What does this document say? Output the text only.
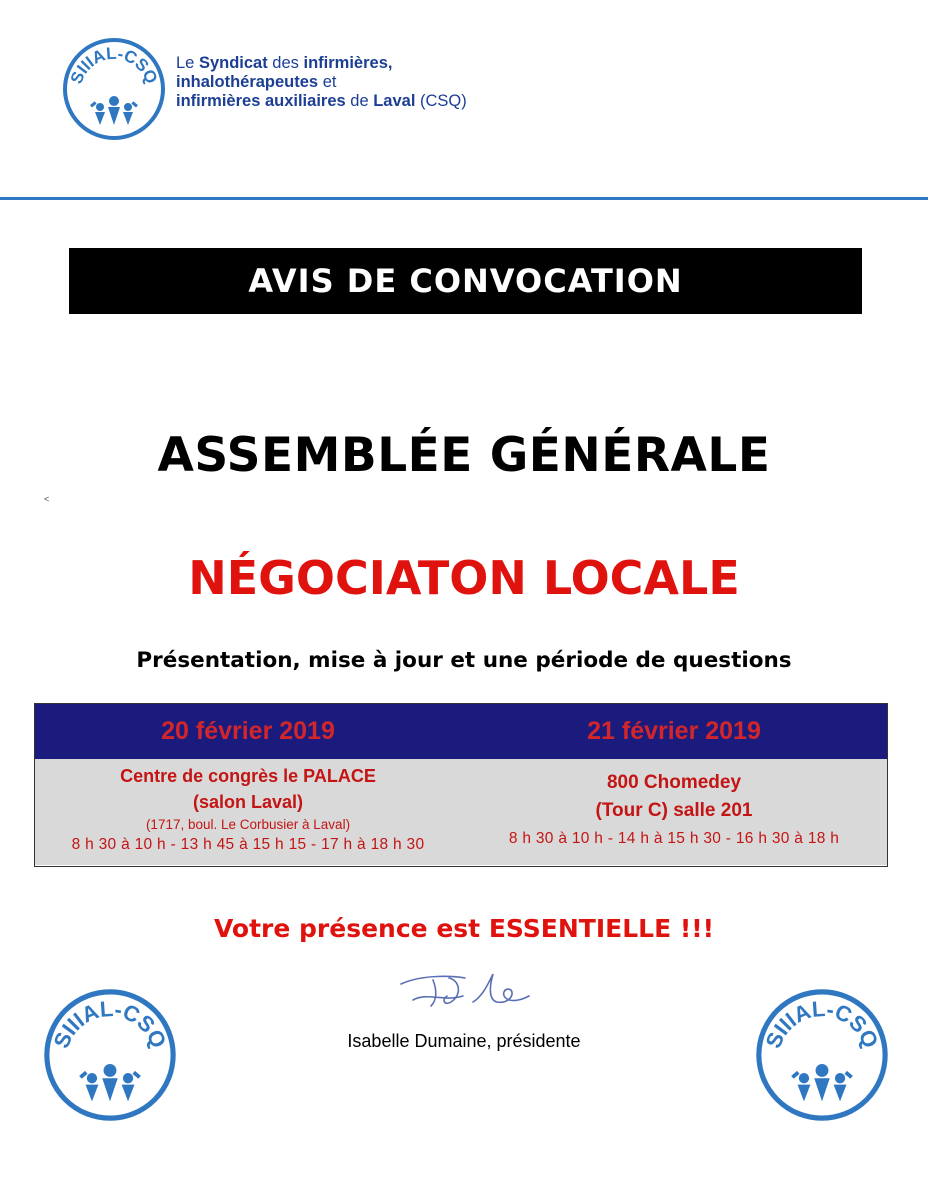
SIIIAL-CSQ
Le Syndicat des infirmières,
inhalothérapeutes et
infirmières auxiliaires de Laval (CSQ)
AVIS DE CONVOCATION
ASSEMBLÉE GÉNÉRALE
<
NÉGOCIATON LOCALE
Présentation, mise à jour et une période de questions
20 février 2019	21 février 2019
Centre de congrès le PALACE
(salon Laval)
(1717, boul. Le Corbusier à Laval)
8 h 30 à 10 h - 13 h 45 à 15 h 15 - 17 h à 18 h 30
800 Chomedey
(Tour C) salle 201
8 h 30 à 10 h - 14 h à 15 h 30 - 16 h 30 à 18 h
Votre présence est ESSENTIELLE !!!
Isabelle Dumaine, présidente
SIIIAL-CSQ	SIIIAL-CSQ
